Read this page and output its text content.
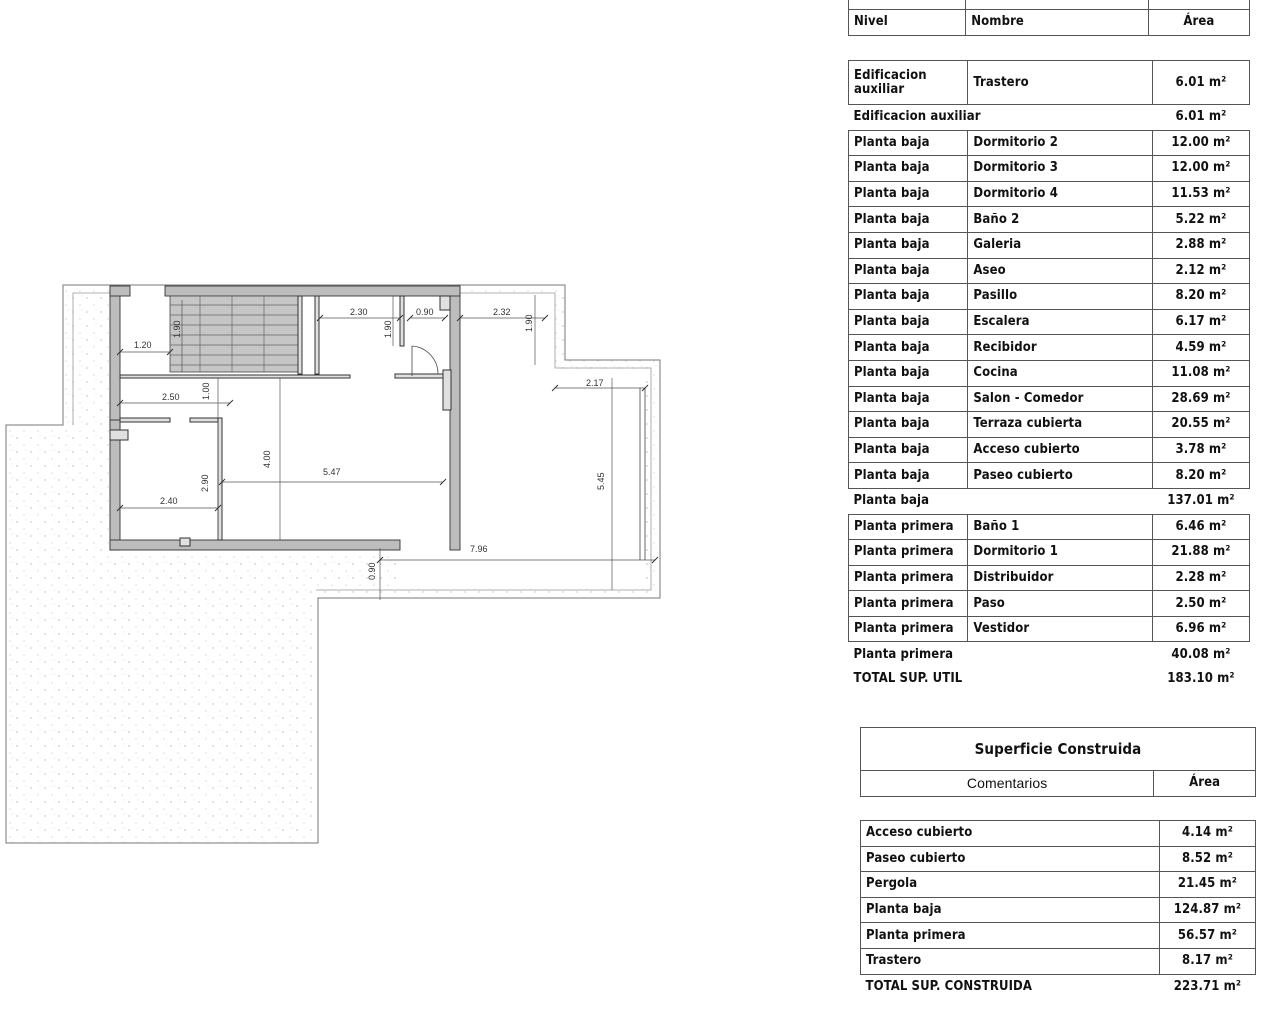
2.30	0.90	2.32
1.90
1.90
1.20
1.90
2.50 1.00	2.17
4.00
5.47
5.45
2.90
2.40
7.96
0.90

Nivel	Nombre	Área
Edificacion auxiliar	Trastero	6.01 m²
Edificacion auxiliar		6.01 m²
Planta baja	Dormitorio 2	12.00 m²
Planta baja	Dormitorio 3	12.00 m²
Planta baja	Dormitorio 4	11.53 m²
Planta baja	Baño 2	5.22 m²
Planta baja	Galeria	2.88 m²
Planta baja	Aseo	2.12 m²
Planta baja	Pasillo	8.20 m²
Planta baja	Escalera	6.17 m²
Planta baja	Recibidor	4.59 m²
Planta baja	Cocina	11.08 m²
Planta baja	Salon - Comedor	28.69 m²
Planta baja	Terraza cubierta	20.55 m²
Planta baja	Acceso cubierto	3.78 m²
Planta baja	Paseo cubierto	8.20 m²
Planta baja		137.01 m²
Planta primera	Baño 1	6.46 m²
Planta primera	Dormitorio 1	21.88 m²
Planta primera	Distribuidor	2.28 m²
Planta primera	Paso	2.50 m²
Planta primera	Vestidor	6.96 m²
Planta primera		40.08 m²
TOTAL SUP. UTIL		183.10 m²
Superficie Construida
Comentarios	Área
Acceso cubierto	4.14 m²
Paseo cubierto	8.52 m²
Pergola	21.45 m²
Planta baja	124.87 m²
Planta primera	56.57 m²
Trastero	8.17 m²
TOTAL SUP. CONSTRUIDA	223.71 m²
